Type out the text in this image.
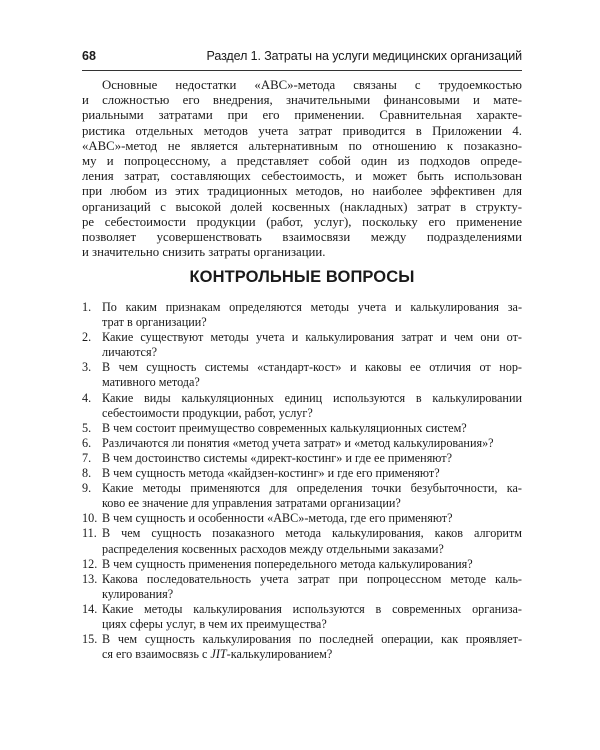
68	Раздел 1. Затраты на услуги медицинских организаций
Основные недостатки «АВС»-метода связаны с трудоемкостью
и сложностью его внедрения, значительными финансовыми и мате-
риальными затратами при его применении. Сравнительная характе-
ристика отдельных методов учета затрат приводится в Приложении 4.
«АВС»-метод не является альтернативным по отношению к позаказно-
му и попроцессному, а представляет собой один из подходов опреде-
ления затрат, составляющих себестоимость, и может быть использован
при любом из этих традиционных методов, но наиболее эффективен для
организаций с высокой долей косвенных (накладных) затрат в структу-
ре себестоимости продукции (работ, услуг), поскольку его применение
позволяет усовершенствовать взаимосвязи между подразделениями
и значительно снизить затраты организации.
КОНТРОЛЬНЫЕ ВОПРОСЫ
1. По каким признакам определяются методы учета и калькулирования за-
трат в организации?
2. Какие существуют методы учета и калькулирования затрат и чем они от-
личаются?
3. В чем сущность системы «стандарт-кост» и каковы ее отличия от нор-
мативного метода?
4. Какие виды калькуляционных единиц используются в калькулировании
себестоимости продукции, работ, услуг?
5. В чем состоит преимущество современных калькуляционных систем?
6. Различаются ли понятия «метод учета затрат» и «метод калькулирования»?
7. В чем достоинство системы «директ-костинг» и где ее применяют?
8. В чем сущность метода «кайдзен-костинг» и где его применяют?
9. Какие методы применяются для определения точки безубыточности, ка-
ково ее значение для управления затратами организации?
10. В чем сущность и особенности «АВС»-метода, где его применяют?
11. В чем сущность позаказного метода калькулирования, каков алгоритм
распределения косвенных расходов между отдельными заказами?
12. В чем сущность применения попередельного метода калькулирования?
13. Какова последовательность учета затрат при попроцессном методе каль-
кулирования?
14. Какие методы калькулирования используются в современных организа-
циях сферы услуг, в чем их преимущества?
15. В чем сущность калькулирования по последней операции, как проявляет-
ся его взаимосвязь с JIT-калькулированием?
